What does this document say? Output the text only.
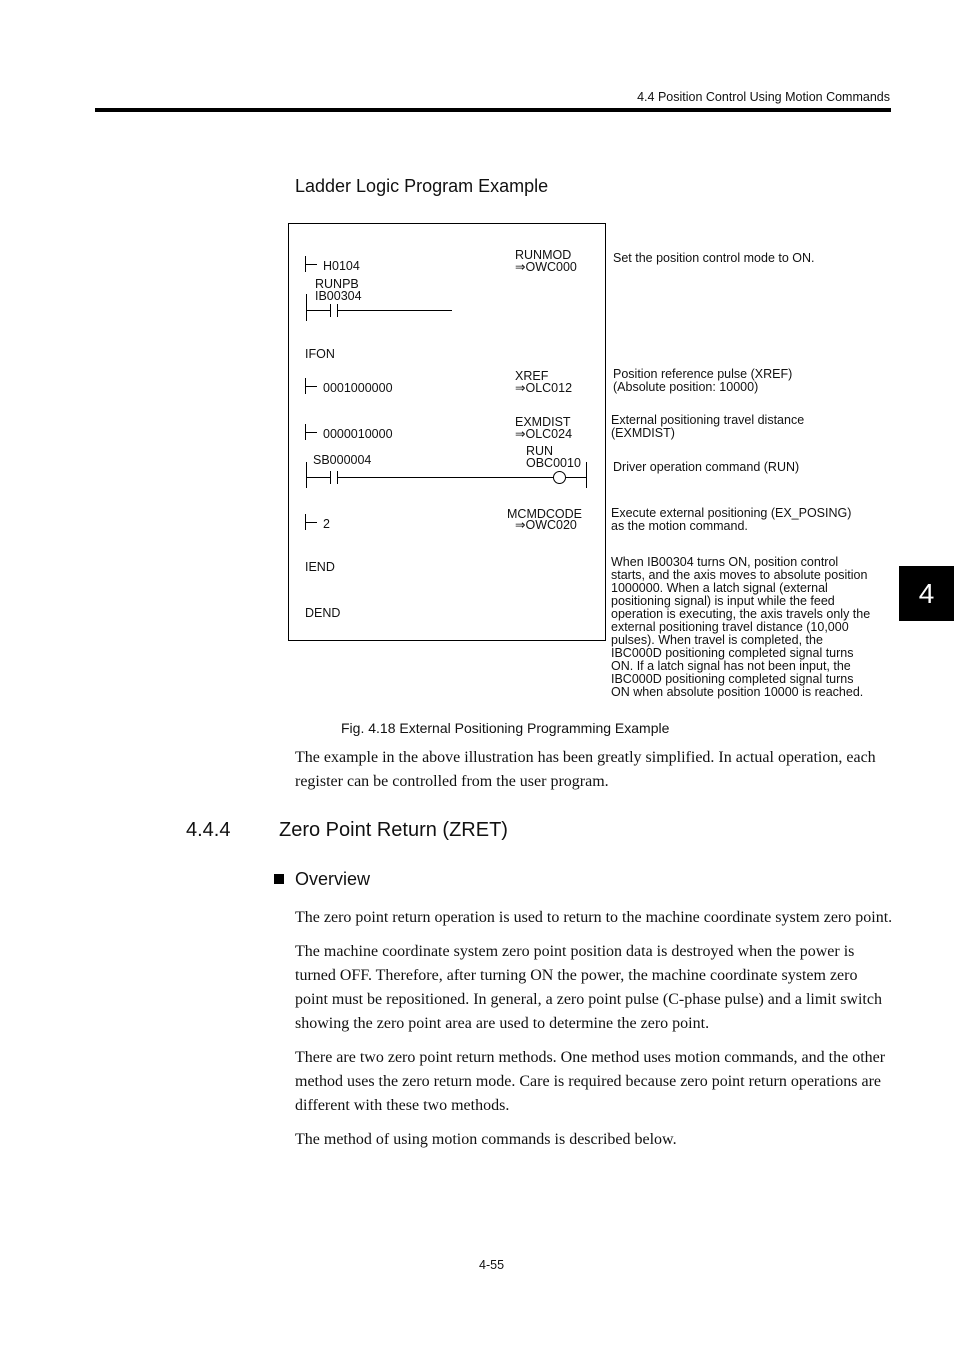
4.4 Position Control Using Motion Commands
4
Ladder Logic Program Example
H0104
RUNMOD
⇒OWC000
RUNPB
IB00304
IFON
0001000000
XREF
⇒OLC012
0000010000
EXMDIST
⇒OLC024
SB000004
RUN
OBC0010
2
MCMDCODE
⇒OWC020
IEND
DEND
Set the position control mode to ON.
Position reference pulse (XREF)
(Absolute position: 10000)
External positioning travel distance
(EXMDIST)
Driver operation command (RUN)
Execute external positioning (EX_POSING)
as the motion command.
When IB00304 turns ON, position control
starts, and the axis moves to absolute position
1000000. When a latch signal (external
positioning signal) is input while the feed
operation is executing, the axis travels only the
external positioning travel distance (10,000
pulses). When travel is completed, the
IBC000D positioning completed signal turns
ON. If a latch signal has not been input, the
IBC000D positioning completed signal turns
ON when absolute position 10000 is reached.
Fig. 4.18 External Positioning Programming Example
The example in the above illustration has been greatly simplified. In actual operation, each register can be controlled from the user program.
4.4.4 Zero Point Return (ZRET)
Overview
The zero point return operation is used to return to the machine coordinate system zero point.
The machine coordinate system zero point position data is destroyed when the power is turned OFF. Therefore, after turning ON the power, the machine coordinate system zero point must be repositioned. In general, a zero point pulse (C-phase pulse) and a limit switch showing the zero point area are used to determine the zero point.
There are two zero point return methods. One method uses motion commands, and the other method uses the zero return mode. Care is required because zero point return operations are different with these two methods.
The method of using motion commands is described below.
4-55
